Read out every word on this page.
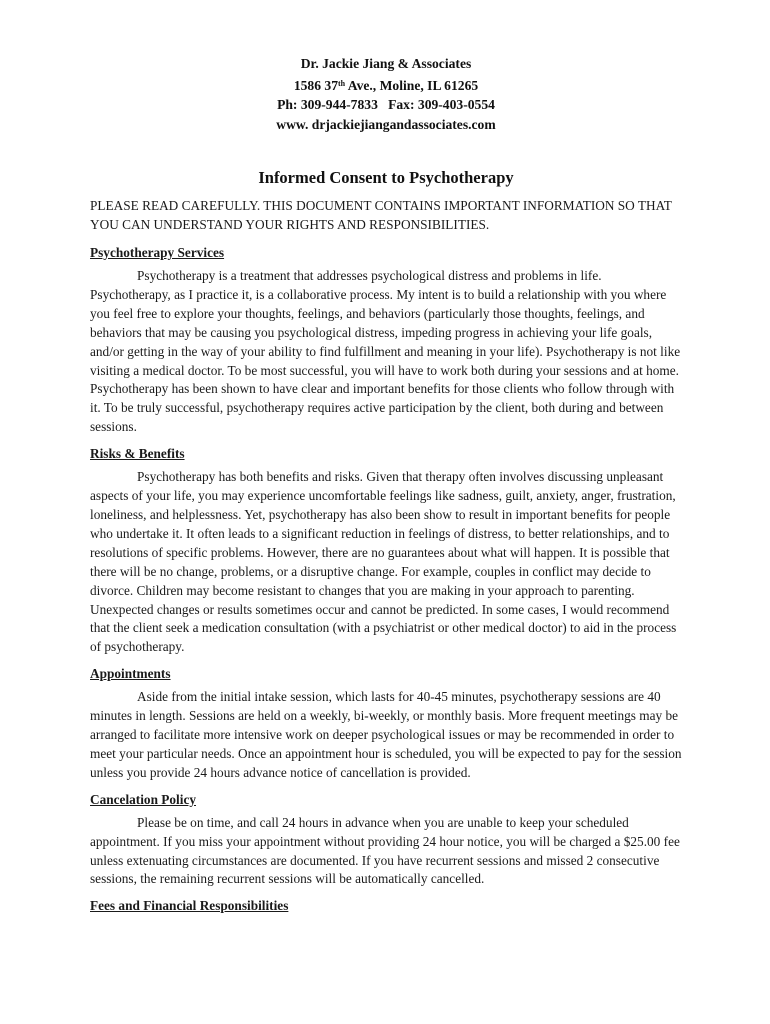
Dr. Jackie Jiang & Associates
1586 37th Ave., Moline, IL 61265
Ph: 309-944-7833   Fax: 309-403-0554
www. drjackiejiangandassociates.com
Informed Consent to Psychotherapy

PLEASE READ CAREFULLY. THIS DOCUMENT CONTAINS IMPORTANT INFORMATION SO THAT YOU CAN UNDERSTAND YOUR RIGHTS AND RESPONSIBILITIES.

Psychotherapy Services

Psychotherapy is a treatment that addresses psychological distress and problems in life. Psychotherapy, as I practice it, is a collaborative process. My intent is to build a relationship with you where you feel free to explore your thoughts, feelings, and behaviors (particularly those thoughts, feelings, and behaviors that may be causing you psychological distress, impeding progress in achieving your life goals, and/or getting in the way of your ability to find fulfillment and meaning in your life). Psychotherapy is not like visiting a medical doctor. To be most successful, you will have to work both during your sessions and at home. Psychotherapy has been shown to have clear and important benefits for those clients who follow through with it. To be truly successful, psychotherapy requires active participation by the client, both during and between sessions.

Risks & Benefits

Psychotherapy has both benefits and risks. Given that therapy often involves discussing unpleasant aspects of your life, you may experience uncomfortable feelings like sadness, guilt, anxiety, anger, frustration, loneliness, and helplessness. Yet, psychotherapy has also been show to result in important benefits for people who undertake it. It often leads to a significant reduction in feelings of distress, to better relationships, and to resolutions of specific problems. However, there are no guarantees about what will happen. It is possible that there will be no change, problems, or a disruptive change. For example, couples in conflict may decide to divorce. Children may become resistant to changes that you are making in your approach to parenting. Unexpected changes or results sometimes occur and cannot be predicted. In some cases, I would recommend that the client seek a medication consultation (with a psychiatrist or other medical doctor) to aid in the process of psychotherapy.

Appointments

Aside from the initial intake session, which lasts for 40-45 minutes, psychotherapy sessions are 40 minutes in length. Sessions are held on a weekly, bi-weekly, or monthly basis. More frequent meetings may be arranged to facilitate more intensive work on deeper psychological issues or may be recommended in order to meet your particular needs. Once an appointment hour is scheduled, you will be expected to pay for the session unless you provide 24 hours advance notice of cancellation is provided.

Cancelation Policy

Please be on time, and call 24 hours in advance when you are unable to keep your scheduled appointment. If you miss your appointment without providing 24 hour notice, you will be charged a $25.00 fee unless extenuating circumstances are documented. If you have recurrent sessions and missed 2 consecutive sessions, the remaining recurrent sessions will be automatically cancelled.

Fees and Financial Responsibilities
